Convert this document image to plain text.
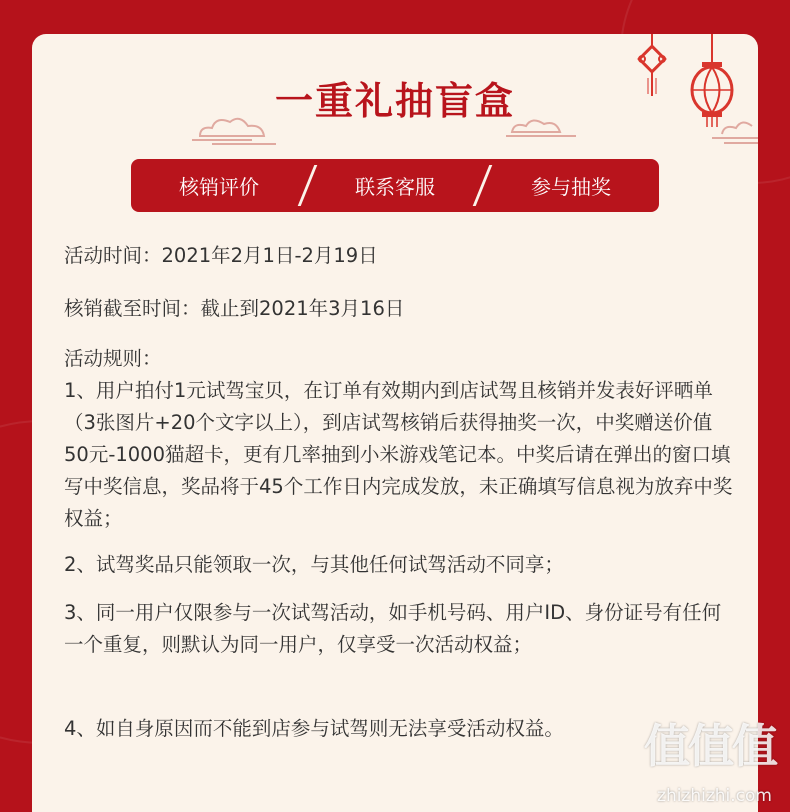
一重礼抽盲盒
核销评价	联系客服	参与抽奖

活动时间：2021年2月1日-2月19日

核销截至时间：截止到2021年3月16日

活动规则：

1、用户拍付1元试驾宝贝，在订单有效期内到店试驾且核销并发表好评晒单（3张图片+20个文字以上），到店试驾核销后获得抽奖一次，中奖赠送价值50元-1000猫超卡，更有几率抽到小米游戏笔记本。中奖后请在弹出的窗口填写中奖信息，奖品将于45个工作日内完成发放，未正确填写信息视为放弃中奖权益；

2、试驾奖品只能领取一次，与其他任何试驾活动不同享；

3、同一用户仅限参与一次试驾活动，如手机号码、用户ID、身份证号有任何一个重复，则默认为同一用户，仅享受一次活动权益；

4、如自身原因而不能到店参与试驾则无法享受活动权益。	值值值
zhizhizhi.com
